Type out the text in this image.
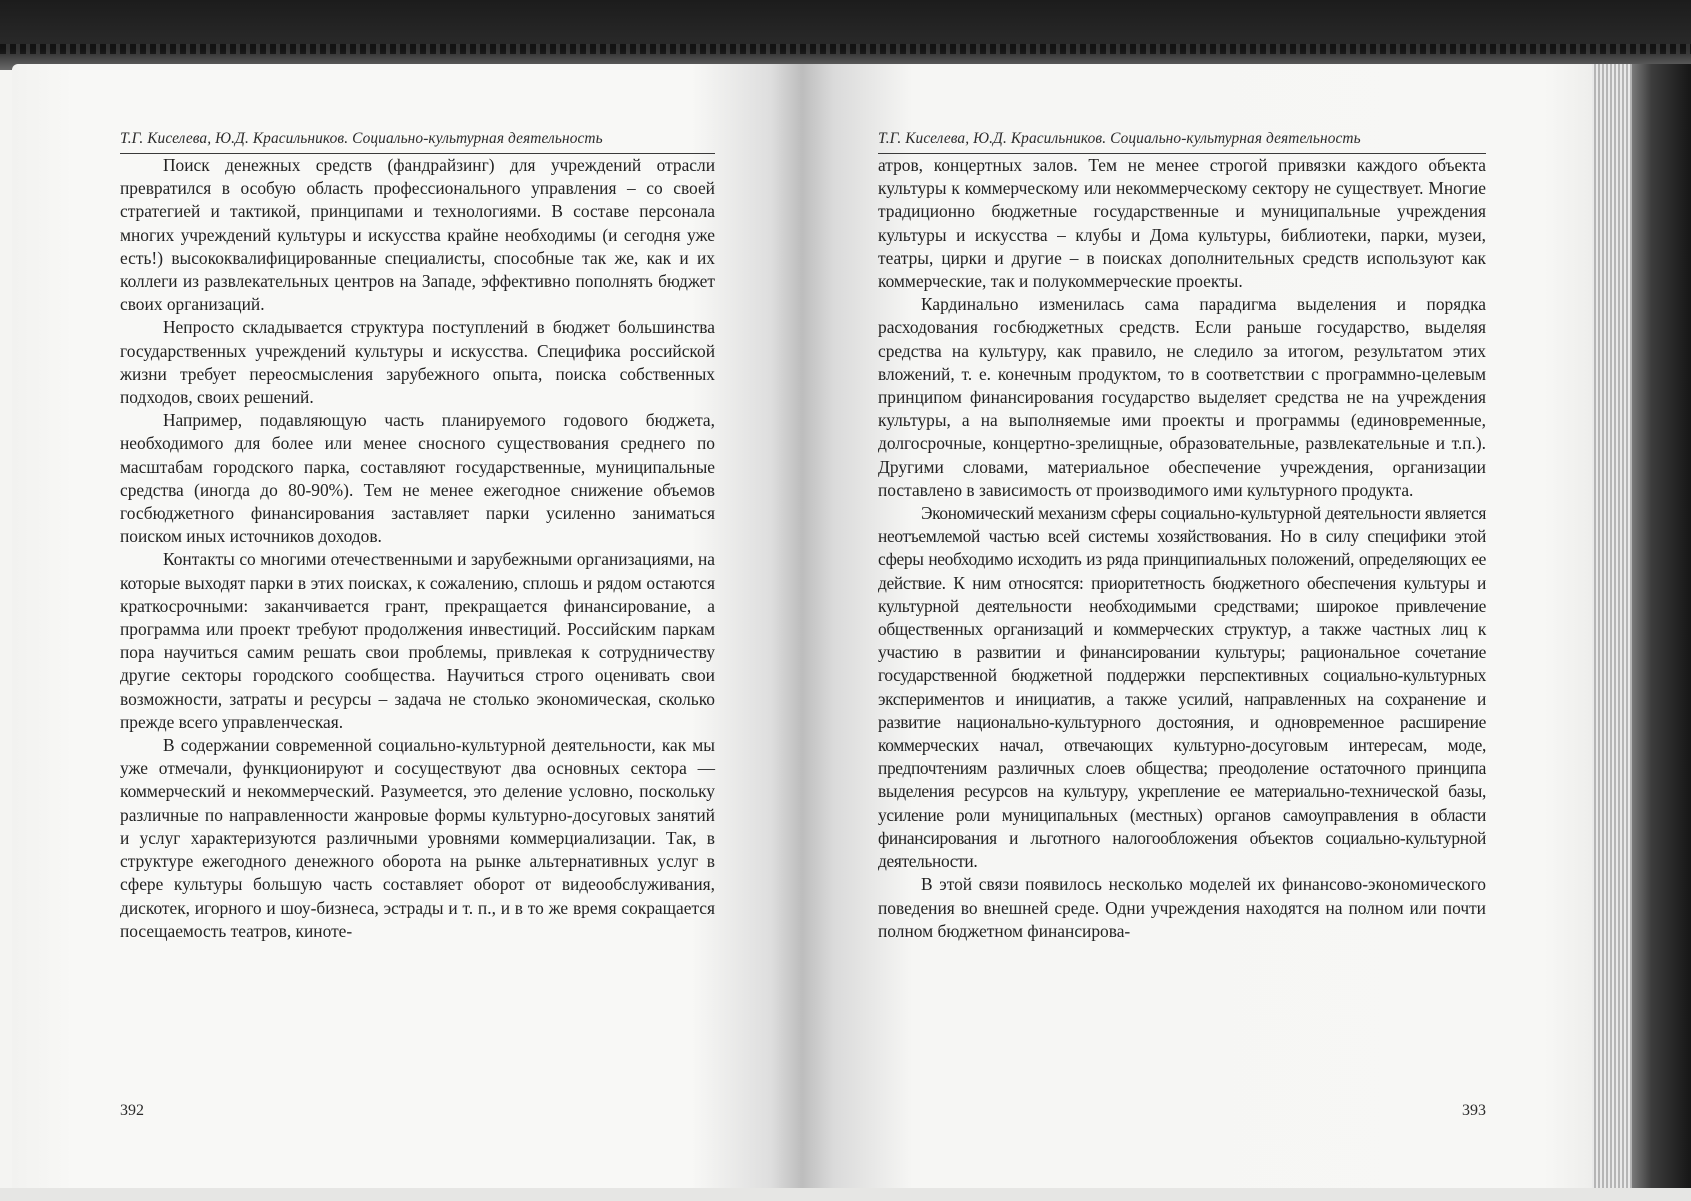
Т.Г. Киселева, Ю.Д. Красильников. Социально-культурная деятельность

Поиск денежных средств (фандрайзинг) для учреждений отрасли превратился в особую область профессионального управления – со своей стратегией и тактикой, принципами и технологиями. В составе персонала многих учреждений культуры и искусства крайне необходимы (и сегодня уже есть!) высококвалифицированные специалисты, способные так же, как и их коллеги из развлекательных центров на Западе, эффективно пополнять бюджет своих организаций.

Непросто складывается структура поступлений в бюджет большинства государственных учреждений культуры и искусства. Специфика российской жизни требует переосмысления зарубежного опыта, поиска собственных подходов, своих решений.

Например, подавляющую часть планируемого годового бюджета, необходимого для более или менее сносного существования среднего по масштабам городского парка, составляют государственные, муниципальные средства (иногда до 80-90%). Тем не менее ежегодное снижение объемов госбюджетного финансирования заставляет парки усиленно заниматься поиском иных источников доходов.

Контакты со многими отечественными и зарубежными организациями, на которые выходят парки в этих поисках, к сожалению, сплошь и рядом остаются краткосрочными: заканчивается грант, прекращается финансирование, а программа или проект требуют продолжения инвестиций. Российским паркам пора научиться самим решать свои проблемы, привлекая к сотрудничеству другие секторы городского сообщества. Научиться строго оценивать свои возможности, затраты и ресурсы – задача не столько экономическая, сколько прежде всего управленческая.

В содержании современной социально-культурной деятельности, как мы уже отмечали, функционируют и сосуществуют два основных сектора — коммерческий и некоммерческий. Разумеется, это деление условно, поскольку различные по направленности жанровые формы культурно-досуговых занятий и услуг характеризуются различными уровнями коммерциализации. Так, в структуре ежегодного денежного оборота на рынке альтернативных услуг в сфере культуры большую часть составляет оборот от видеообслуживания, дискотек, игорного и шоу-бизнеса, эстрады и т. п., и в то же время сокращается посещаемость театров, киноте-

392
Т.Г. Киселева, Ю.Д. Красильников. Социально-культурная деятельность

атров, концертных залов. Тем не менее строгой привязки каждого объекта культуры к коммерческому или некоммерческому сектору не существует. Многие традиционно бюджетные государственные и муниципальные учреждения культуры и искусства – клубы и Дома культуры, библиотеки, парки, музеи, театры, цирки и другие – в поисках дополнительных средств используют как коммерческие, так и полукоммерческие проекты.

Кардинально изменилась сама парадигма выделения и порядка расходования госбюджетных средств. Если раньше государство, выделяя средства на культуру, как правило, не следило за итогом, результатом этих вложений, т. е. конечным продуктом, то в соответствии с программно-целевым принципом финансирования государство выделяет средства не на учреждения культуры, а на выполняемые ими проекты и программы (единовременные, долгосрочные, концертно-зрелищные, образовательные, развлекательные и т.п.). Другими словами, материальное обеспечение учреждения, организации поставлено в зависимость от производимого ими культурного продукта.

Экономический механизм сферы социально-культурной деятельности является неотъемлемой частью всей системы хозяйствования. Но в силу специфики этой сферы необходимо исходить из ряда принципиальных положений, определяющих ее действие. К ним относятся: приоритетность бюджетного обеспечения культуры и культурной деятельности необходимыми средствами; широкое привлечение общественных организаций и коммерческих структур, а также частных лиц к участию в развитии и финансировании культуры; рациональное сочетание государственной бюджетной поддержки перспективных социально-культурных экспериментов и инициатив, а также усилий, направленных на сохранение и развитие национально-культурного достояния, и одновременное расширение коммерческих начал, отвечающих культурно-досуговым интересам, моде, предпочтениям различных слоев общества; преодоление остаточного принципа выделения ресурсов на культуру, укрепление ее материально-технической базы, усиление роли муниципальных (местных) органов самоуправления в области финансирования и льготного налогообложения объектов социально-культурной деятельности.

В этой связи появилось несколько моделей их финансово-экономического поведения во внешней среде. Одни учреждения находятся на полном или почти полном бюджетном финансирова-

393
